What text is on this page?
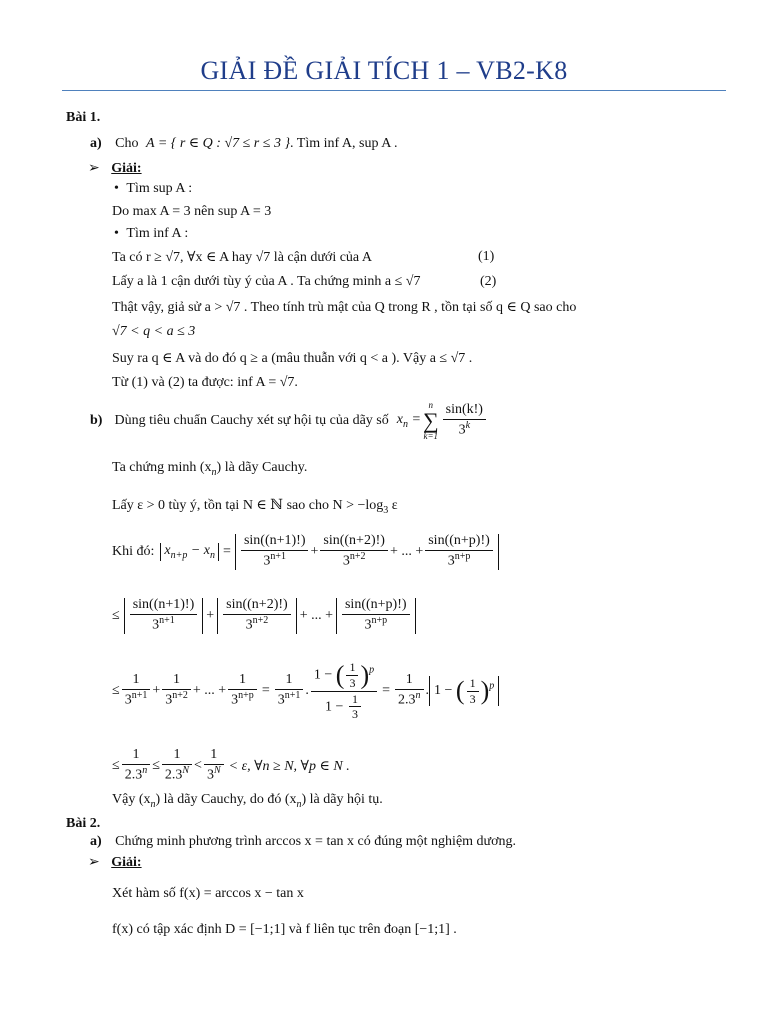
GIẢI ĐỀ GIẢI TÍCH 1 – VB2-K8
Bài 1.
a) Cho A = { r ∈ Q : √7 ≤ r ≤ 3 }. Tìm inf A, sup A .
➢ Giải:
• Tìm sup A :
Do max A = 3 nên sup A = 3
• Tìm inf A :
Ta có r ≥ √7, ∀x ∈ A hay √7 là cận dưới của A	(1)
Lấy a là 1 cận dưới tùy ý của A . Ta chứng minh a ≤ √7	(2)
Thật vậy, giả sử a > √7 . Theo tính trù mật của Q trong R , tồn tại số q ∈ Q sao cho
√7 < q < a ≤ 3
Suy ra q ∈ A và do đó q ≥ a (mâu thuẫn với q < a ). Vậy a ≤ √7 .
Từ (1) và (2) ta được: inf A = √7.
b) Dùng tiêu chuẩn Cauchy xét sự hội tụ của dãy số $x_n$ =
n
∑
$k=1 \frac{\sin(k!)}{3^k}$
Ta chứng minh $(x_n)$ là dãy Cauchy.
Lấy ε > 0 tùy ý, tồn tại N ∈ ℕ sao cho $N > -\log_3$ ε
Khi đó: $x_{n+p} - x_n = \frac{\sin((n+1)!)}{3^{n+1}} + \frac{\sin((n+2)!)}{3^{n+2}}$ + ... + $\frac{\sin((n+p)!)}{3^{n+p}}$
≤ $\frac{\sin((n+1)!)}{3^{n+1}} + \frac{\sin((n+2)!)}{3^{n+2}}$ + ... + $\frac{\sin((n+p)!)}{3^{n+p}}$
≤ $\frac{1}{3^{n+1}} + \frac{1}{3^{n+2}}$ + ... + $\frac{1}{3^{n+p}} = \frac{1}{3^{n+1}}$ . $\frac{1 - ( \frac{1}{3} )^p}{1 - \frac{1}{3}} = \frac{1}{2.3^n}$ . 1 − ( $\frac{1}{3} )^p$
≤ $\frac{1}{2.3^n} \le \frac{1}{2.3^N} < \frac{1}{3^N} < \varepsilon$, ∀n ≥ N, ∀p ∈ N .
Vậy $(x_n)$ là dãy Cauchy, do đó $(x_n)$ là dãy hội tụ.
Bài 2.
a) Chứng minh phương trình arccos x = tan x có đúng một nghiệm dương.
➢ Giải:
Xét hàm số f(x) = arccos x − tan x
f(x) có tập xác định D = [−1;1] và f liên tục trên đoạn [−1;1] .
